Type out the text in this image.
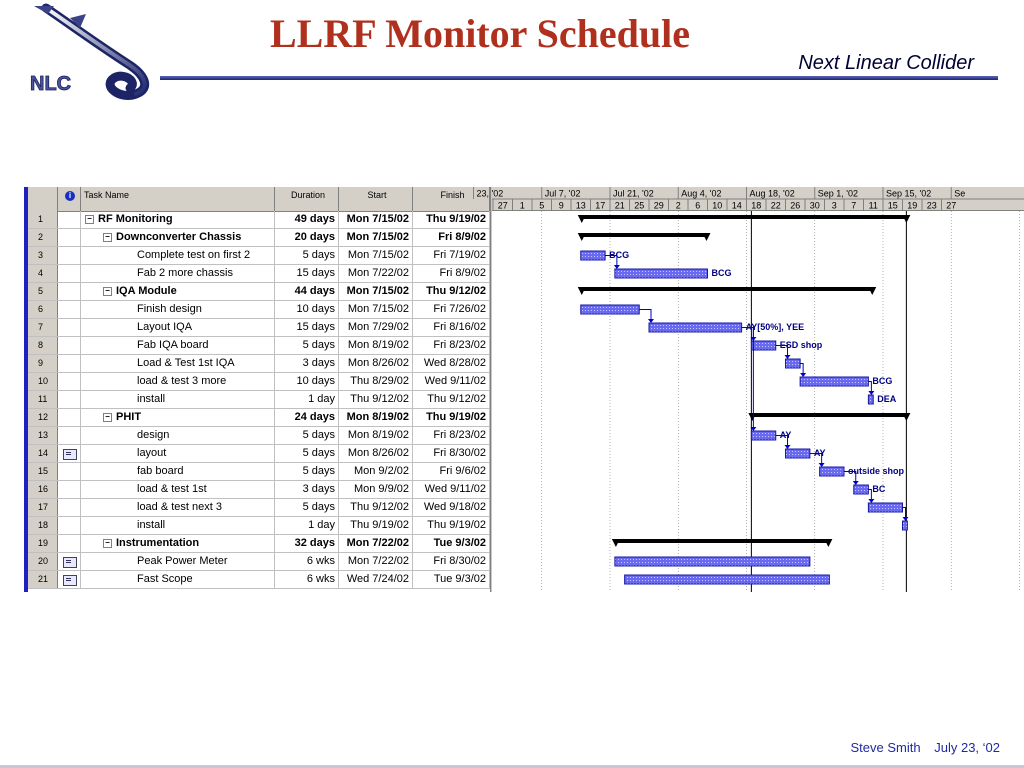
NLC
LLRF Monitor Schedule
Next Linear Collider
i	Task Name	Duration	Start	Finish
1	− RF Monitoring	49 days	Mon 7/15/02	Thu 9/19/02
2	− Downconverter Chassis	20 days	Mon 7/15/02	Fri 8/9/02
3	Complete test on first 2	5 days	Mon 7/15/02	Fri 7/19/02
4	Fab 2 more chassis	15 days	Mon 7/22/02	Fri 8/9/02
5	− IQA Module	44 days	Mon 7/15/02	Thu 9/12/02
6	Finish design	10 days	Mon 7/15/02	Fri 7/26/02
7	Layout IQA	15 days	Mon 7/29/02	Fri 8/16/02
8	Fab IQA board	5 days	Mon 8/19/02	Fri 8/23/02
9	Load & Test 1st IQA	3 days	Mon 8/26/02	Wed 8/28/02
10	load & test 3 more	10 days	Thu 8/29/02	Wed 9/11/02
11	install	1 day	Thu 9/12/02	Thu 9/12/02
12	− PHIT	24 days	Mon 8/19/02	Thu 9/19/02
13	design	5 days	Mon 8/19/02	Fri 8/23/02
14	layout	5 days	Mon 8/26/02	Fri 8/30/02
15	fab board	5 days	Mon 9/2/02	Fri 9/6/02
16	load & test 1st	3 days	Mon 9/9/02	Wed 9/11/02
17	load & test next 3	5 days	Thu 9/12/02	Wed 9/18/02
18	install	1 day	Thu 9/19/02	Thu 9/19/02
19	− Instrumentation	32 days	Mon 7/22/02	Tue 9/3/02
20	Peak Power Meter	6 wks	Mon 7/22/02	Fri 8/30/02
21	Fast Scope	6 wks	Wed 7/24/02	Tue 9/3/02
27 1 5 9 13 17 21 25 29 2 6 10 14 18 22 26 30 3 7 11 15 19 23 27
23, '02	Jul 7, '02	Jul 21, '02	Aug 4, '02	Aug 18, '02	Sep 1, '02	Sep 15, '02	Se
BCG
BCG
AY[50%], YEE
ESD shop
BCG
DEA
AY
AY
outside shop
BC
Steve Smith July 23, ‘02
